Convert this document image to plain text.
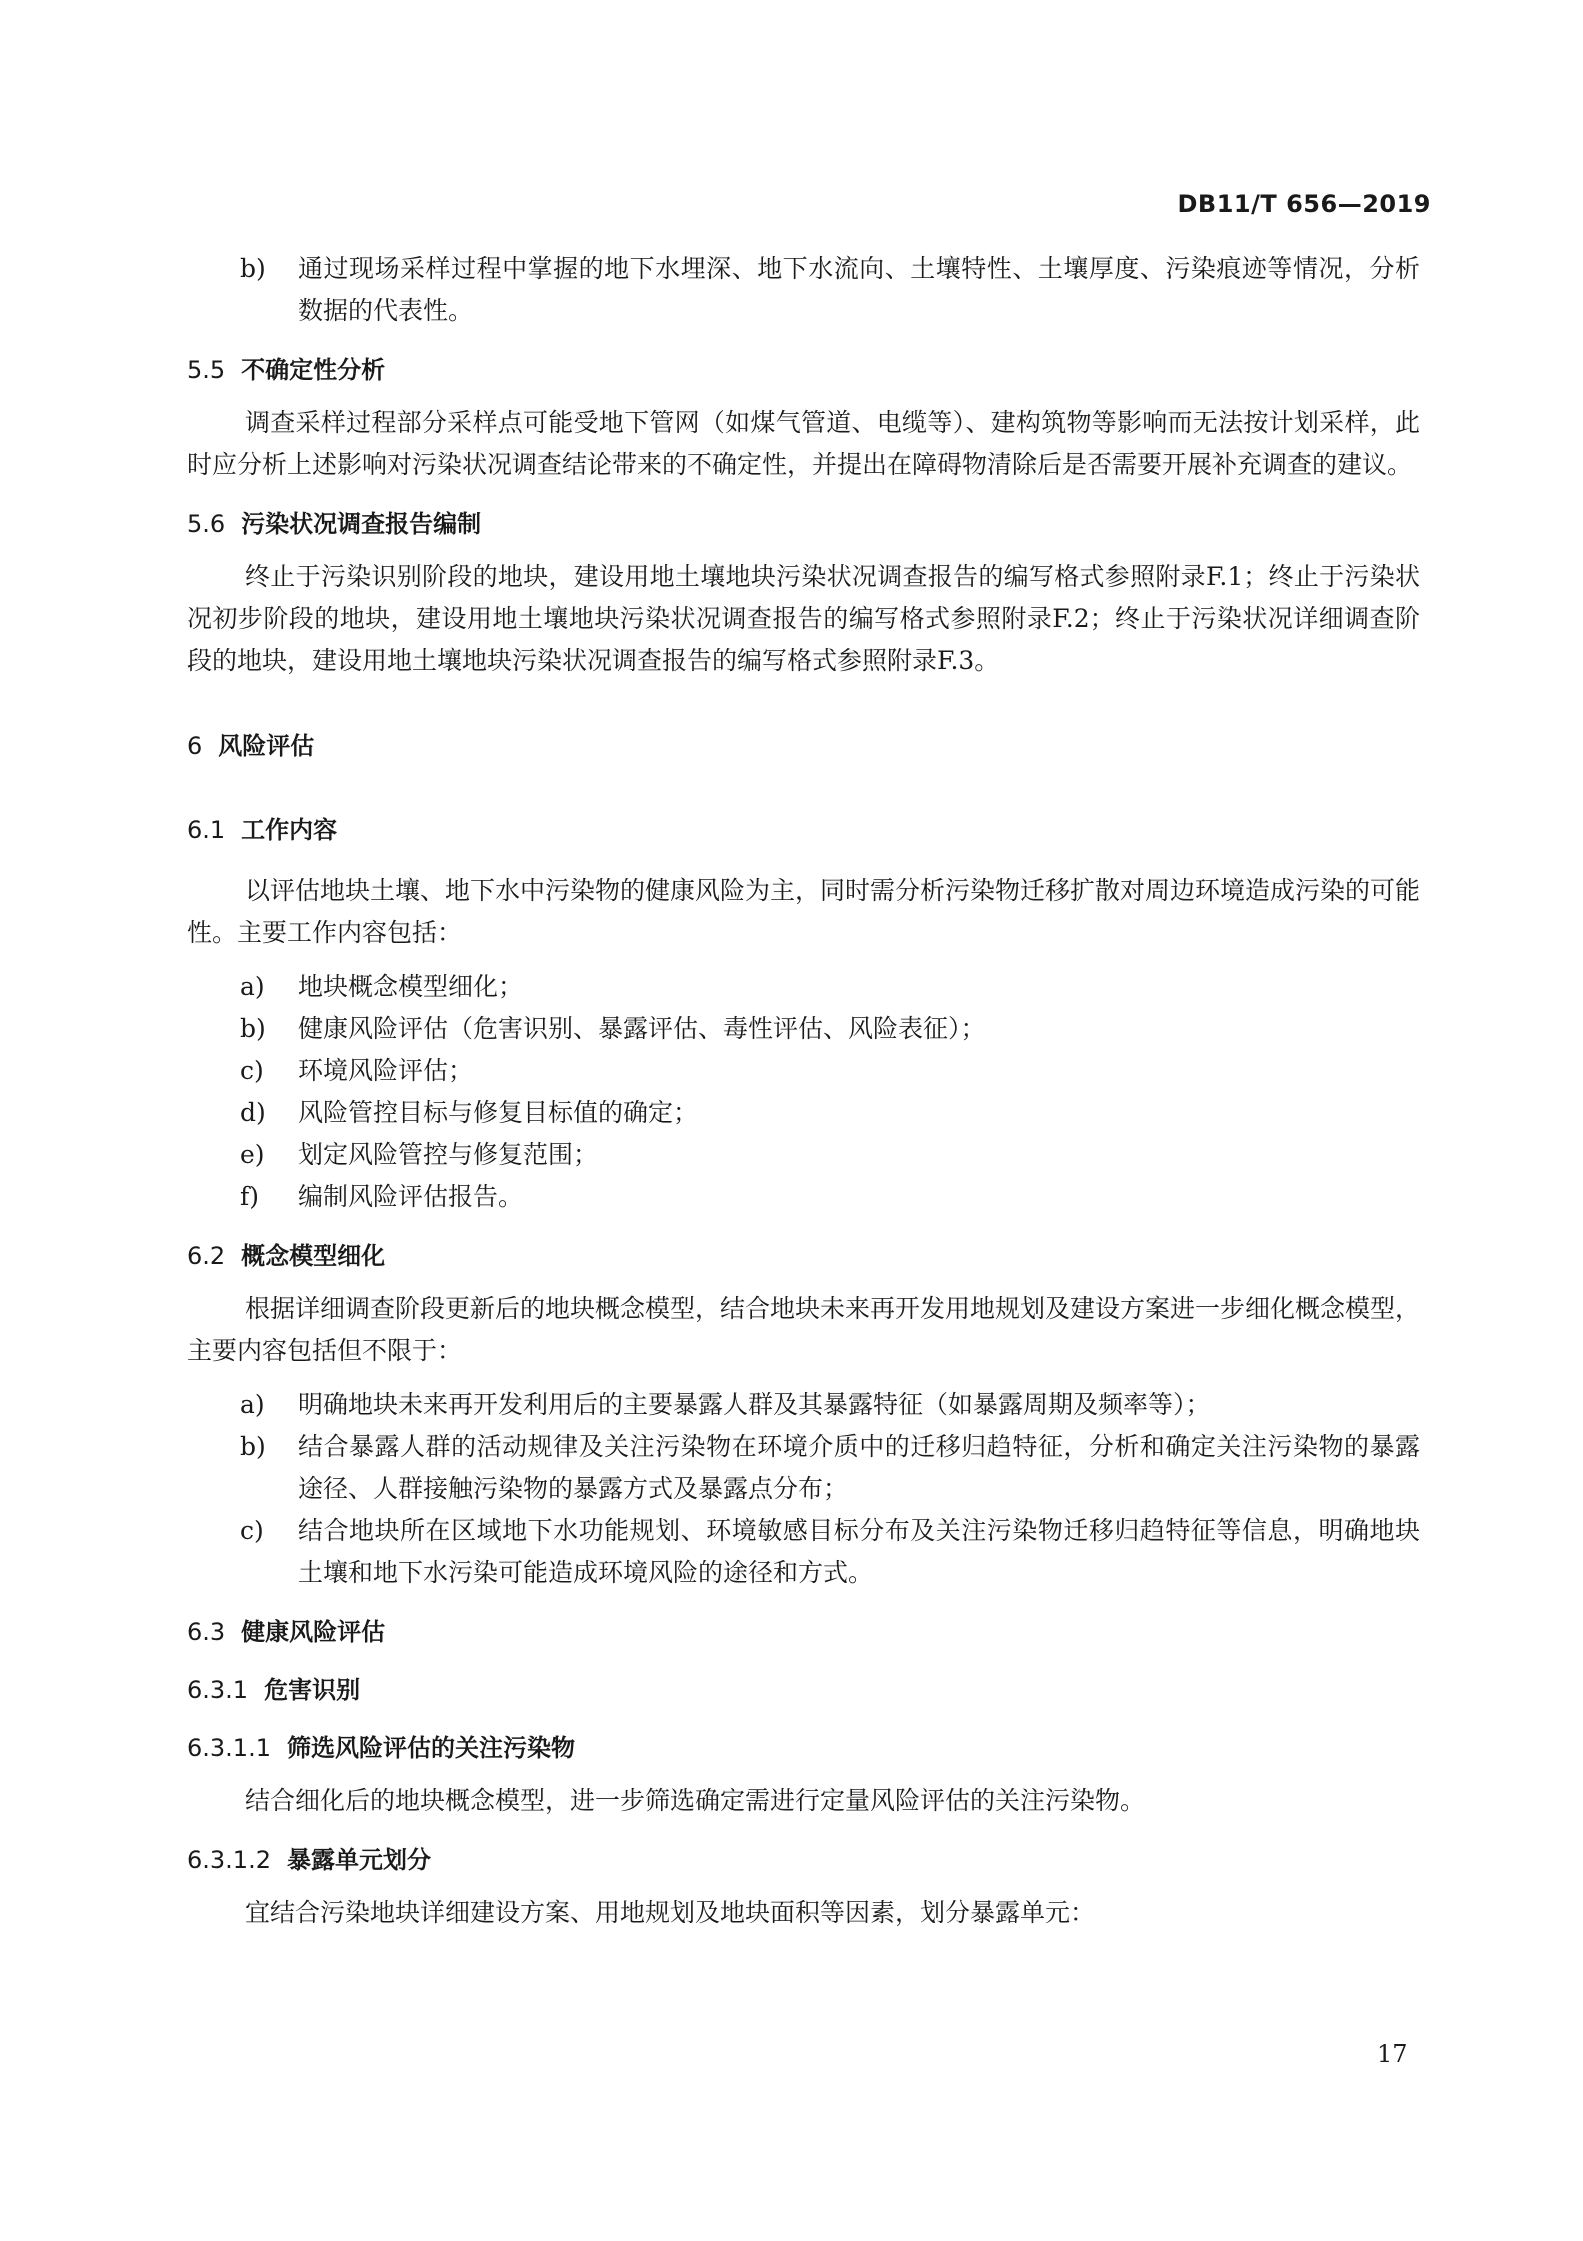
DB11/T 656—2019
b) 通过现场采样过程中掌握的地下水埋深、地下水流向、土壤特性、土壤厚度、污染痕迹等情况，分析数据的代表性。
5.5 不确定性分析

调查采样过程部分采样点可能受地下管网（如煤气管道、电缆等）、建构筑物等影响而无法按计划采样，此时应分析上述影响对污染状况调查结论带来的不确定性，并提出在障碍物清除后是否需要开展补充调查的建议。

5.6 污染状况调查报告编制

终止于污染识别阶段的地块，建设用地土壤地块污染状况调查报告的编写格式参照附录F.1；终止于污染状况初步阶段的地块，建设用地土壤地块污染状况调查报告的编写格式参照附录F.2；终止于污染状况详细调查阶段的地块，建设用地土壤地块污染状况调查报告的编写格式参照附录F.3。

6 风险评估
6.1 工作内容

以评估地块土壤、地下水中污染物的健康风险为主，同时需分析污染物迁移扩散对周边环境造成污染的可能性。主要工作内容包括：

a) 地块概念模型细化；
b) 健康风险评估（危害识别、暴露评估、毒性评估、风险表征）；
c) 环境风险评估；
d) 风险管控目标与修复目标值的确定；
e) 划定风险管控与修复范围；
f) 编制风险评估报告。
6.2 概念模型细化

根据详细调查阶段更新后的地块概念模型，结合地块未来再开发用地规划及建设方案进一步细化概念模型，主要内容包括但不限于：

a) 明确地块未来再开发利用后的主要暴露人群及其暴露特征（如暴露周期及频率等）；
b) 结合暴露人群的活动规律及关注污染物在环境介质中的迁移归趋特征，分析和确定关注污染物的暴露途径、人群接触污染物的暴露方式及暴露点分布；
c) 结合地块所在区域地下水功能规划、环境敏感目标分布及关注污染物迁移归趋特征等信息，明确地块土壤和地下水污染可能造成环境风险的途径和方式。
6.3 健康风险评估
6.3.1 危害识别
6.3.1.1 筛选风险评估的关注污染物

结合细化后的地块概念模型，进一步筛选确定需进行定量风险评估的关注污染物。

6.3.1.2 暴露单元划分

宜结合污染地块详细建设方案、用地规划及地块面积等因素，划分暴露单元：

17
